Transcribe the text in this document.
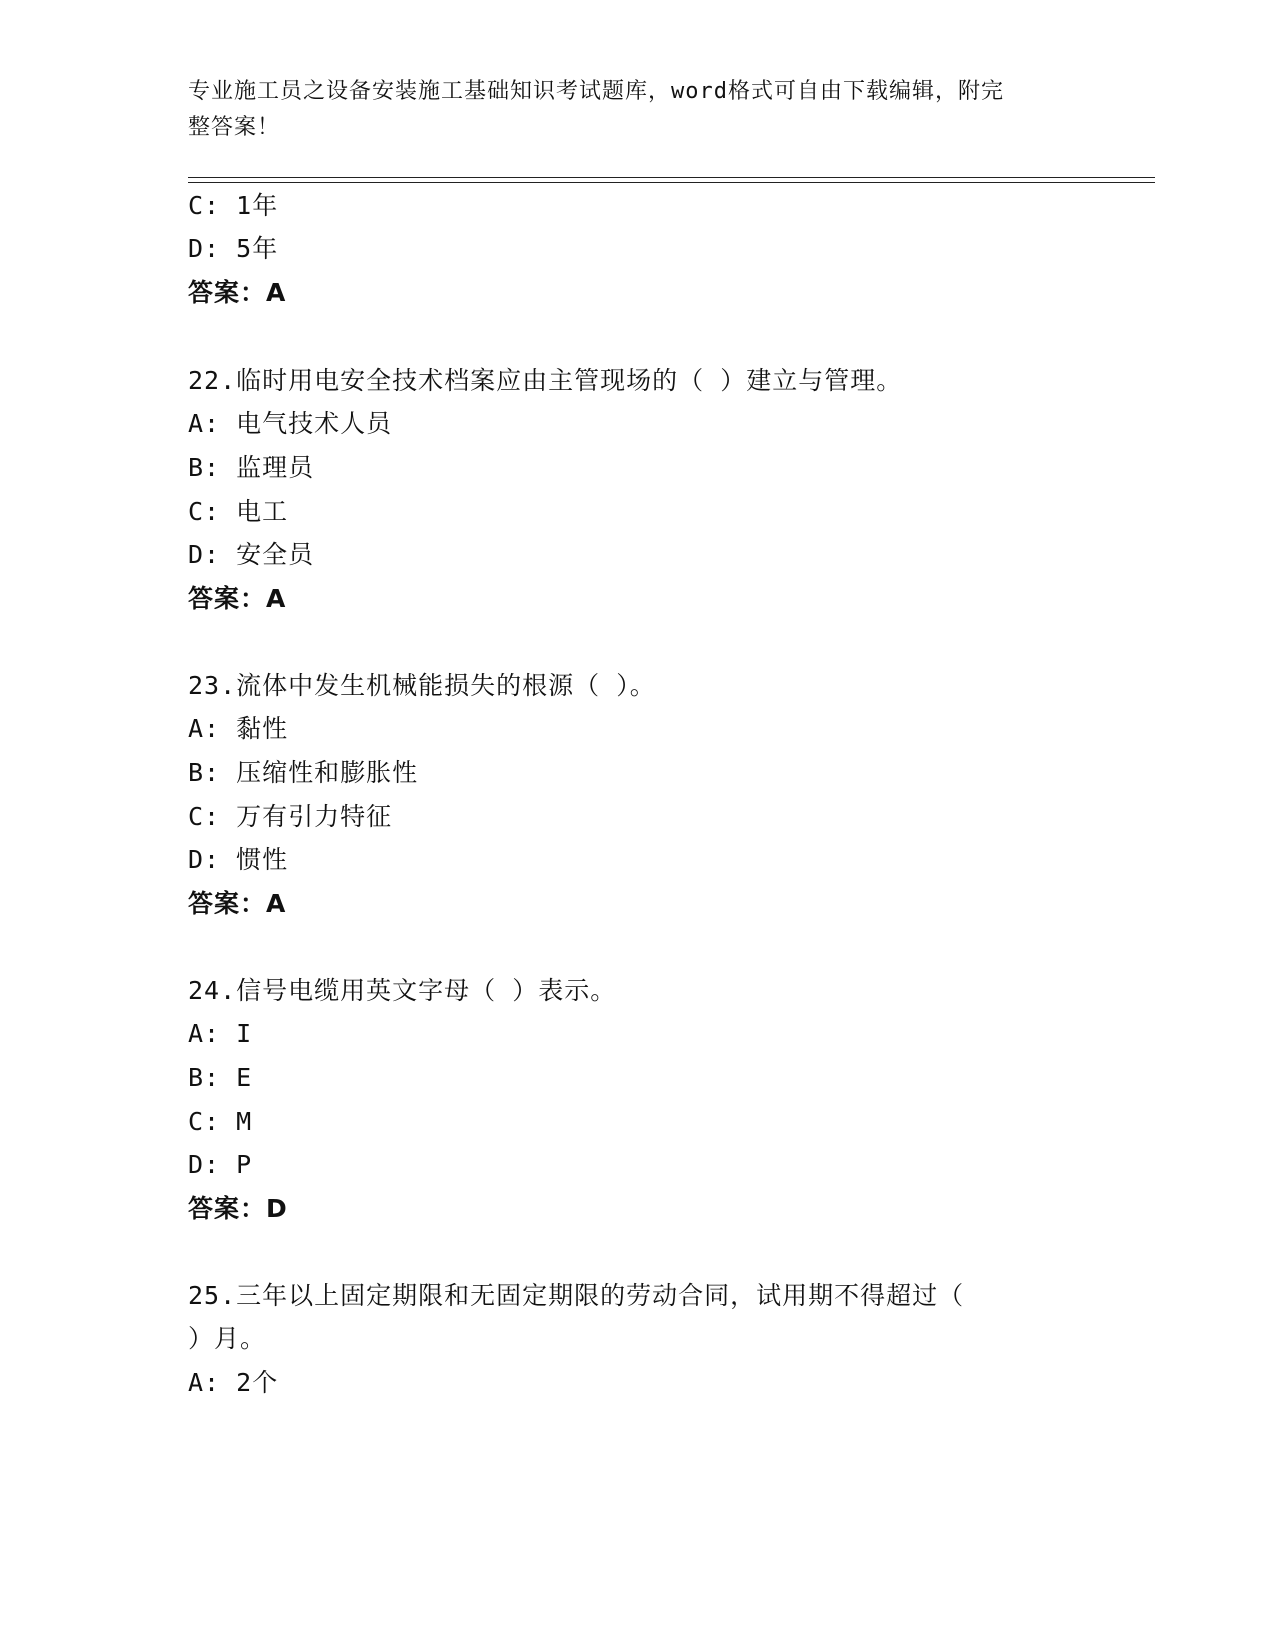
专业施工员之设备安装施工基础知识考试题库，word格式可自由下载编辑，附完
整答案！
C: 1年
D: 5年
答案：A
22.临时用电安全技术档案应由主管现场的（ ）建立与管理。
A: 电气技术人员
B: 监理员
C: 电工
D: 安全员
答案：A
23.流体中发生机械能损失的根源（ ）。
A: 黏性
B: 压缩性和膨胀性
C: 万有引力特征
D: 惯性
答案：A
24.信号电缆用英文字母（ ）表示。
A: I
B: E
C: M
D: P
答案：D
25.三年以上固定期限和无固定期限的劳动合同，试用期不得超过（
）月。
A: 2个
